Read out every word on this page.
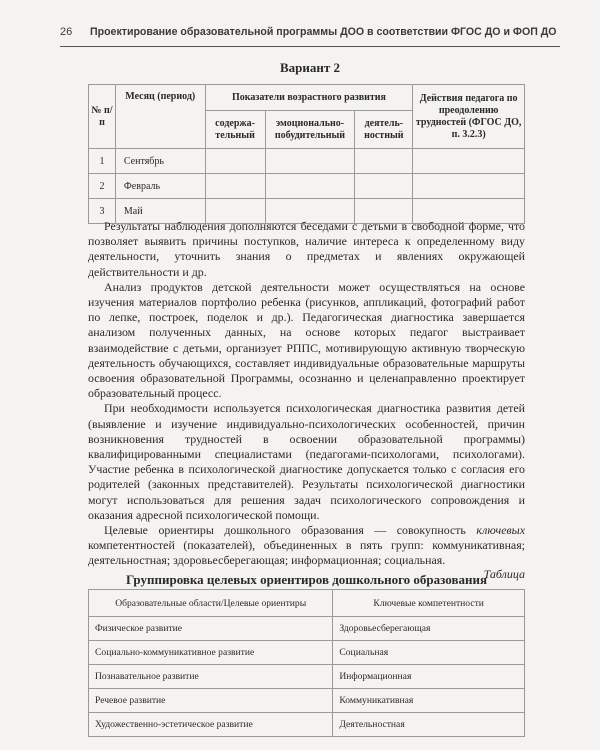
26 Проектирование образовательной программы ДОО в соответствии ФГОС ДО и ФОП ДО
Вариант 2
№ п/п	Месяц (период)	Показатели возрастного развития			Действия педагога по преодолению трудностей (ФГОС ДО, п. 3.2.3)
		содержа-тельный	эмоционально-побудительный	деятель-ностный	
1	Сентябрь				
2	Февраль				
3	Май				

Результаты наблюдения дополняются беседами с детьми в свободной форме, что позволяет выявить причины поступков, наличие интереса к определенному виду деятельности, уточнить знания о предметах и явлениях окружающей действительности и др.

Анализ продуктов детской деятельности может осуществляться на основе изучения материалов портфолио ребенка (рисунков, аппликаций, фотографий работ по лепке, построек, поделок и др.). Педагогическая диагностика завершается анализом полученных данных, на основе которых педагог выстраивает взаимодействие с детьми, организует РППС, мотивирующую активную творческую деятельность обучающихся, составляет индивидуальные образовательные маршруты освоения образовательной Программы, осознанно и целенаправленно проектирует образовательный процесс.

При необходимости используется психологическая диагностика развития детей (выявление и изучение индивидуально-психологических особенностей, причин возникновения трудностей в освоении образовательной программы) квалифицированными специалистами (педагогами-психологами, психологами). Участие ребенка в психологической диагностике допускается только с согласия его родителей (законных представителей). Результаты психологической диагностики могут использоваться для решения задач психологического сопровождения и оказания адресной психологической помощи.

Целевые ориентиры дошкольного образования — совокупность ключевых компетентностей (показателей), объединенных в пять групп: коммуникативная; деятельностная; здоровьесберегающая; информационная; социальная.

Таблица
Группировка целевых ориентиров дошкольного образования
Образовательные области/Целевые ориентиры	Ключевые компетентности
Физическое развитие	Здоровьесберегающая
Социально-коммуникативное развитие	Социальная
Познавательное развитие	Информационная
Речевое развитие	Коммуникативная
Художественно-эстетическое развитие	Деятельностная
